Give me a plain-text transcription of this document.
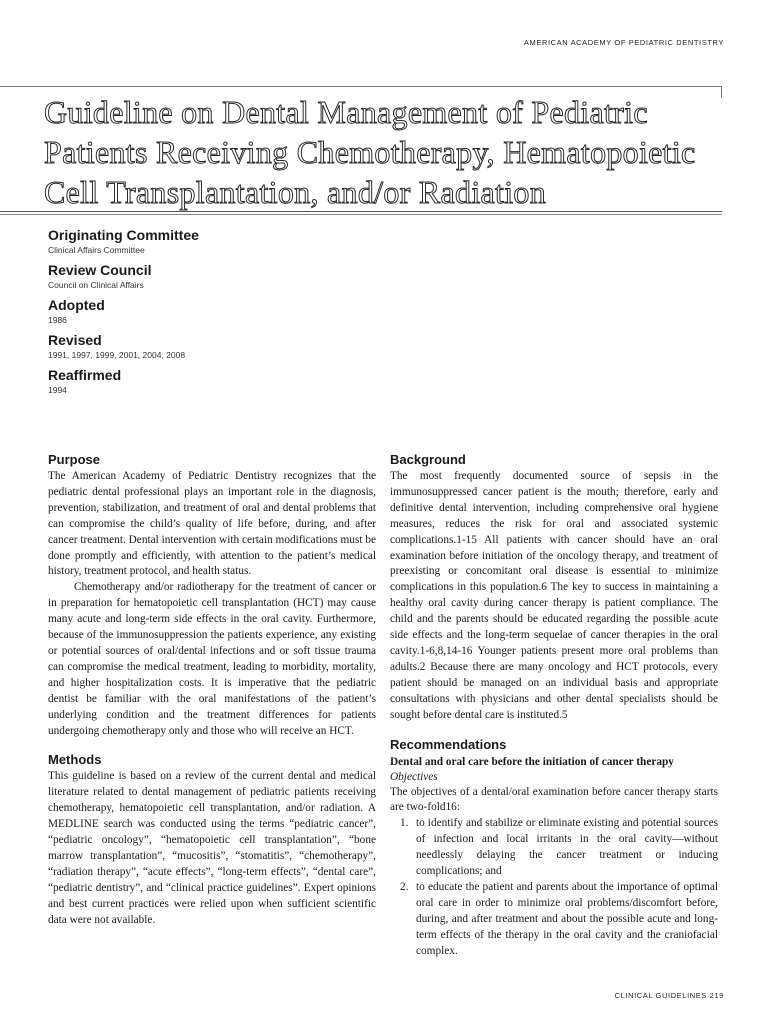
AMERICAN ACADEMY OF PEDIATRIC DENTISTRY
Guideline on Dental Management of Pediatric Patients Receiving Chemotherapy, Hematopoietic Cell Transplantation, and/or Radiation
Originating Committee
Clinical Affairs Committee
Review Council
Council on Clinical Affairs
Adopted
1986
Revised
1991, 1997, 1999, 2001, 2004, 2008
Reaffirmed
1994
Purpose

The American Academy of Pediatric Dentistry recognizes that the pediatric dental professional plays an important role in the diagnosis, prevention, stabilization, and treatment of oral and dental problems that can compromise the child’s quality of life before, during, and after cancer treatment. Dental intervention with certain modifications must be done promptly and efficiently, with attention to the patient’s medical history, treatment protocol, and health status.

Chemotherapy and/or radiotherapy for the treatment of cancer or in preparation for hematopoietic cell transplantation (HCT) may cause many acute and long-term side effects in the oral cavity. Furthermore, because of the immunosuppression the patients experience, any existing or potential sources of oral/dental infections and or soft tissue trauma can compromise the medical treatment, leading to morbidity, mortality, and higher hospitalization costs. It is imperative that the pediatric dentist be familiar with the oral manifestations of the patient’s underlying condition and the treatment differences for patients undergoing chemotherapy only and those who will receive an HCT.

Methods

This guideline is based on a review of the current dental and medical literature related to dental management of pediatric patients receiving chemotherapy, hematopoietic cell transplantation, and/or radiation. A MEDLINE search was conducted using the terms “pediatric cancer”, “pediatric oncology”, “hematopoietic cell transplantation”, “bone marrow transplantation”, “mucositis”, “stomatitis”, “chemotherapy”, “radiation therapy”, “acute effects”, “long-term effects”, “dental care”, “pediatric dentistry”, and “clinical practice guidelines”. Expert opinions and best current practices were relied upon when sufficient scientific data were not available.

Background

The most frequently documented source of sepsis in the immunosuppressed cancer patient is the mouth; therefore, early and definitive dental intervention, including comprehensive oral hygiene measures, reduces the risk for oral and associated systemic complications.1-15 All patients with cancer should have an oral examination before initiation of the oncology therapy, and treatment of preexisting or concomitant oral disease is essential to minimize complications in this population.6 The key to success in maintaining a healthy oral cavity during cancer therapy is patient compliance. The child and the parents should be educated regarding the possible acute side effects and the long-term sequelae of cancer therapies in the oral cavity.1-6,8,14-16 Younger patients present more oral problems than adults.2 Because there are many oncology and HCT protocols, every patient should be managed on an individual basis and appropriate consultations with physicians and other dental specialists should be sought before dental care is instituted.5

Recommendations

Dental and oral care before the initiation of cancer therapy

Objectives

The objectives of a dental/oral examination before cancer therapy starts are two-fold16:

1. to identify and stabilize or eliminate existing and potential sources of infection and local irritants in the oral cavity—without needlessly delaying the cancer treatment or inducing complications; and
2. to educate the patient and parents about the importance of optimal oral care in order to minimize oral problems/discomfort before, during, and after treatment and about the possible acute and long-term effects of the therapy in the oral cavity and the craniofacial complex.
CLINICAL GUIDELINES 219
